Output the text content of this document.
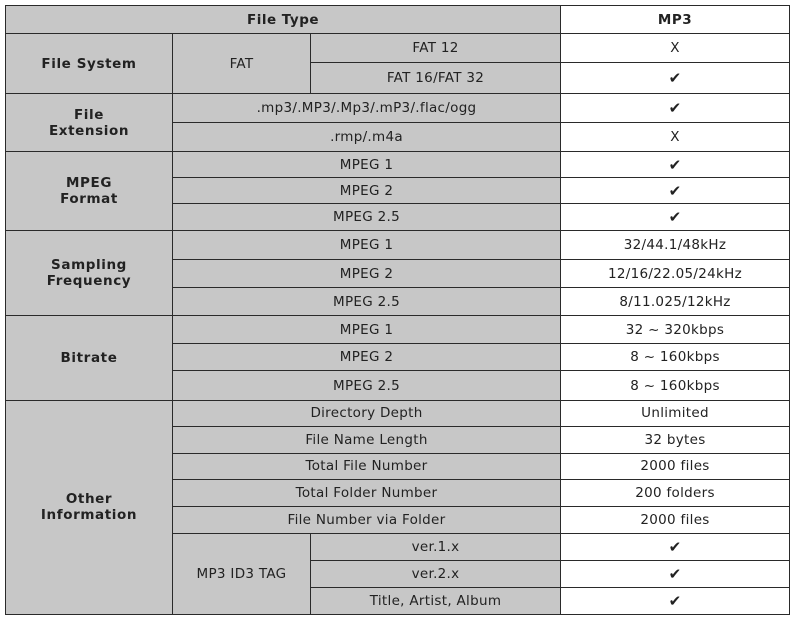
File Type			MP3
File System	FAT	FAT 12	X
		FAT 16/FAT 32	✔
File
Extension	.mp3/.MP3/.Mp3/.mP3/.flac/ogg		✔
	.rmp/.m4a		X
MPEG
Format	MPEG 1		✔
	MPEG 2		✔
	MPEG 2.5		✔
Sampling
Frequency	MPEG 1		32/44.1/48kHz
	MPEG 2		12/16/22.05/24kHz
	MPEG 2.5		8/11.025/12kHz
Bitrate	MPEG 1		32 ~ 320kbps
	MPEG 2		8 ~ 160kbps
	MPEG 2.5		8 ~ 160kbps
Other
Information	Directory Depth		Unlimited
	File Name Length		32 bytes
	Total File Number		2000 files
	Total Folder Number		200 folders
	File Number via Folder		2000 files
	MP3 ID3 TAG	ver.1.x	✔
		ver.2.x	✔
		Title, Artist, Album	✔
